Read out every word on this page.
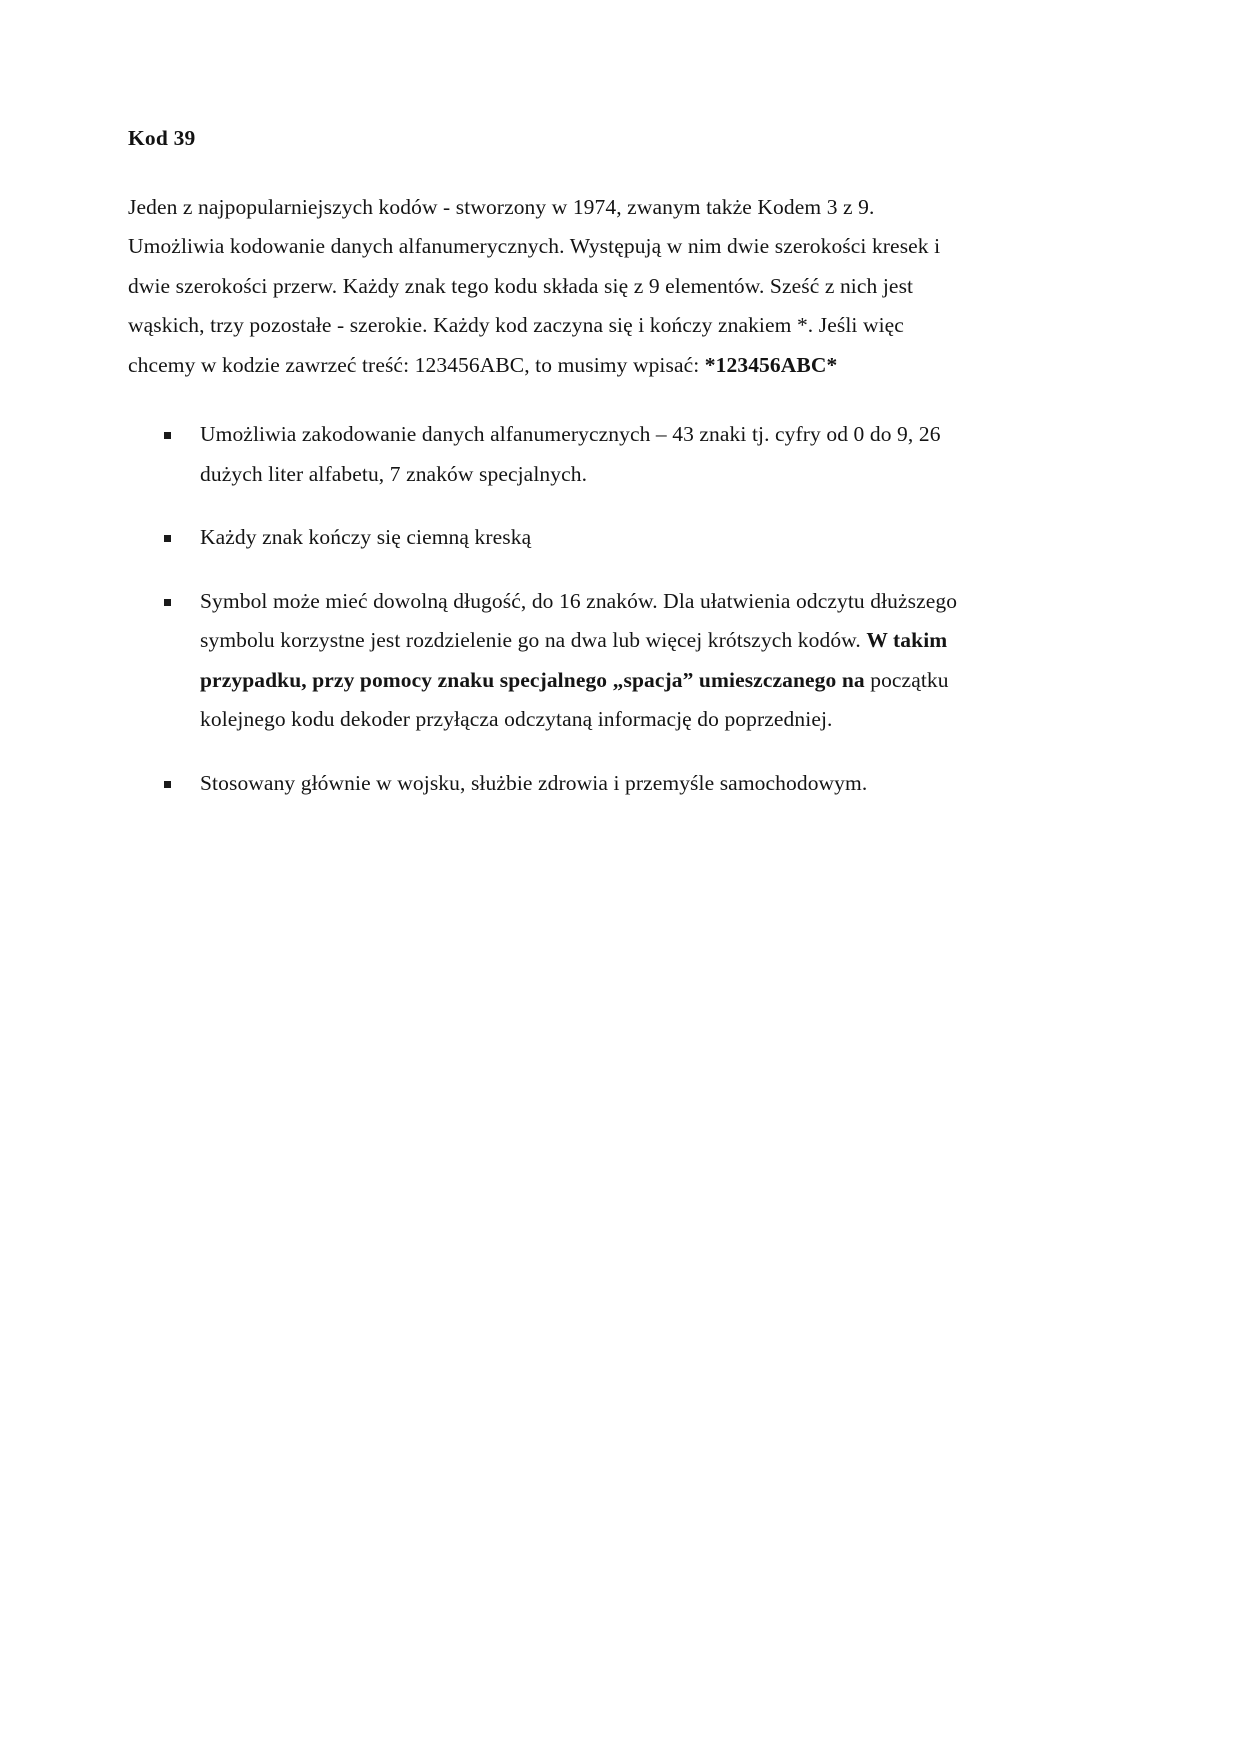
Kod 39

Jeden z najpopularniejszych kodów - stworzony w 1974, zwanym także Kodem 3 z 9. Umożliwia kodowanie danych alfanumerycznych. Występują w nim dwie szerokości kresek i dwie szerokości przerw. Każdy znak tego kodu składa się z 9 elementów. Sześć z nich jest wąskich, trzy pozostałe - szerokie. Każdy kod zaczyna się i kończy znakiem *. Jeśli więc chcemy w kodzie zawrzeć treść: 123456ABC, to musimy wpisać: *123456ABC*

Umożliwia zakodowanie danych alfanumerycznych – 43 znaki tj. cyfry od 0 do 9, 26 dużych liter alfabetu, 7 znaków specjalnych.
Każdy znak kończy się ciemną kreską
Symbol może mieć dowolną długość, do 16 znaków. Dla ułatwienia odczytu dłuższego symbolu korzystne jest rozdzielenie go na dwa lub więcej krótszych kodów. W takim przypadku, przy pomocy znaku specjalnego „spacja” umieszczanego na początku kolejnego kodu dekoder przyłącza odczytaną informację do poprzedniej.
Stosowany głównie w wojsku, służbie zdrowia i przemyśle samochodowym.
